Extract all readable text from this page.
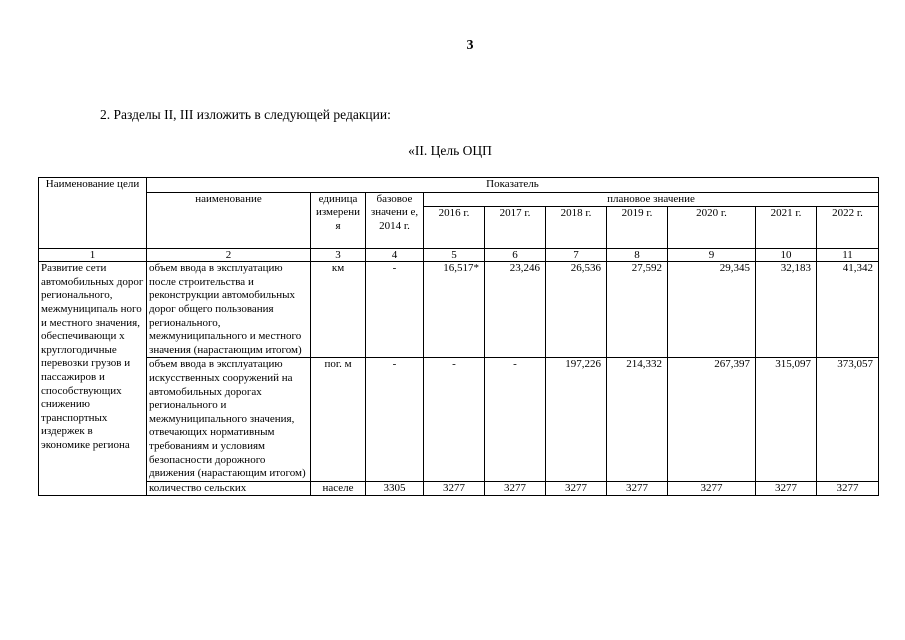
3
2. Разделы II, III изложить в следующей редакции:
«II. Цель ОЦП
Наименование цели	Показатель									
	наименование	единица измерени я	базовое значени е, 2014 г.	плановое значение						
				2016 г.	2017 г.	2018 г.	2019 г.	2020 г.	2021 г.	2022 г.
1	2	3	4	5	6	7	8	9	10	11
Развитие сети автомобильных дорог регионального, межмуниципаль ного и местного значения, обеспечивающи х круглогодичные перевозки грузов и пассажиров и способствующих снижению транспортных издержек в экономике региона	объем ввода в эксплуатацию после строительства и реконструкции автомобильных дорог общего пользования регионального, межмуниципального и местного значения (нарастающим итогом)	км	-	16,517*	23,246	26,536	27,592	29,345	32,183	41,342
	объем ввода в эксплуатацию искусственных сооружений на автомобильных дорогах регионального и межмуниципального значения, отвечающих нормативным требованиям и условиям безопасности дорожного движения (нарастающим итогом)	пог. м	-	-	-	197,226	214,332	267,397	315,097	373,057
	количество сельских	населе	3305	3277	3277	3277	3277	3277	3277	3277
